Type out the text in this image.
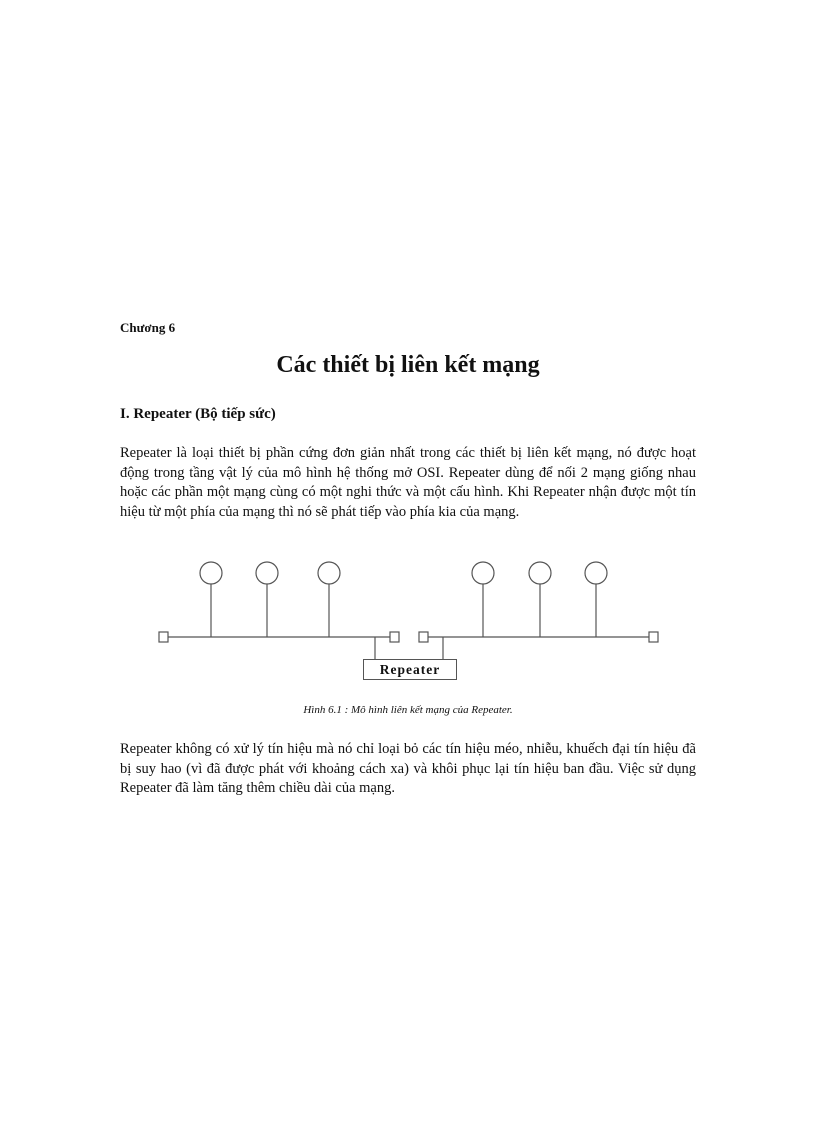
Chương 6
Các thiết bị liên kết mạng
I. Repeater (Bộ tiếp sức)

Repeater là loại thiết bị phần cứng đơn giản nhất trong các thiết bị liên kết mạng, nó được hoạt động trong tầng vật lý của mô hình hệ thống mở OSI. Repeater dùng để nối 2 mạng giống nhau hoặc các phần một mạng cùng có một nghi thức và một cấu hình. Khi Repeater nhận được một tín hiệu từ một phía của mạng thì nó sẽ phát tiếp vào phía kia của mạng.

Repeater
Hình 6.1 : Mô hình liên kết mạng của Repeater.

Repeater không có xử lý tín hiệu mà nó chỉ loại bỏ các tín hiệu méo, nhiễu, khuếch đại tín hiệu đã bị suy hao (vì đã được phát với khoảng cách xa) và khôi phục lại tín hiệu ban đầu. Việc sử dụng Repeater đã làm tăng thêm chiều dài của mạng.
